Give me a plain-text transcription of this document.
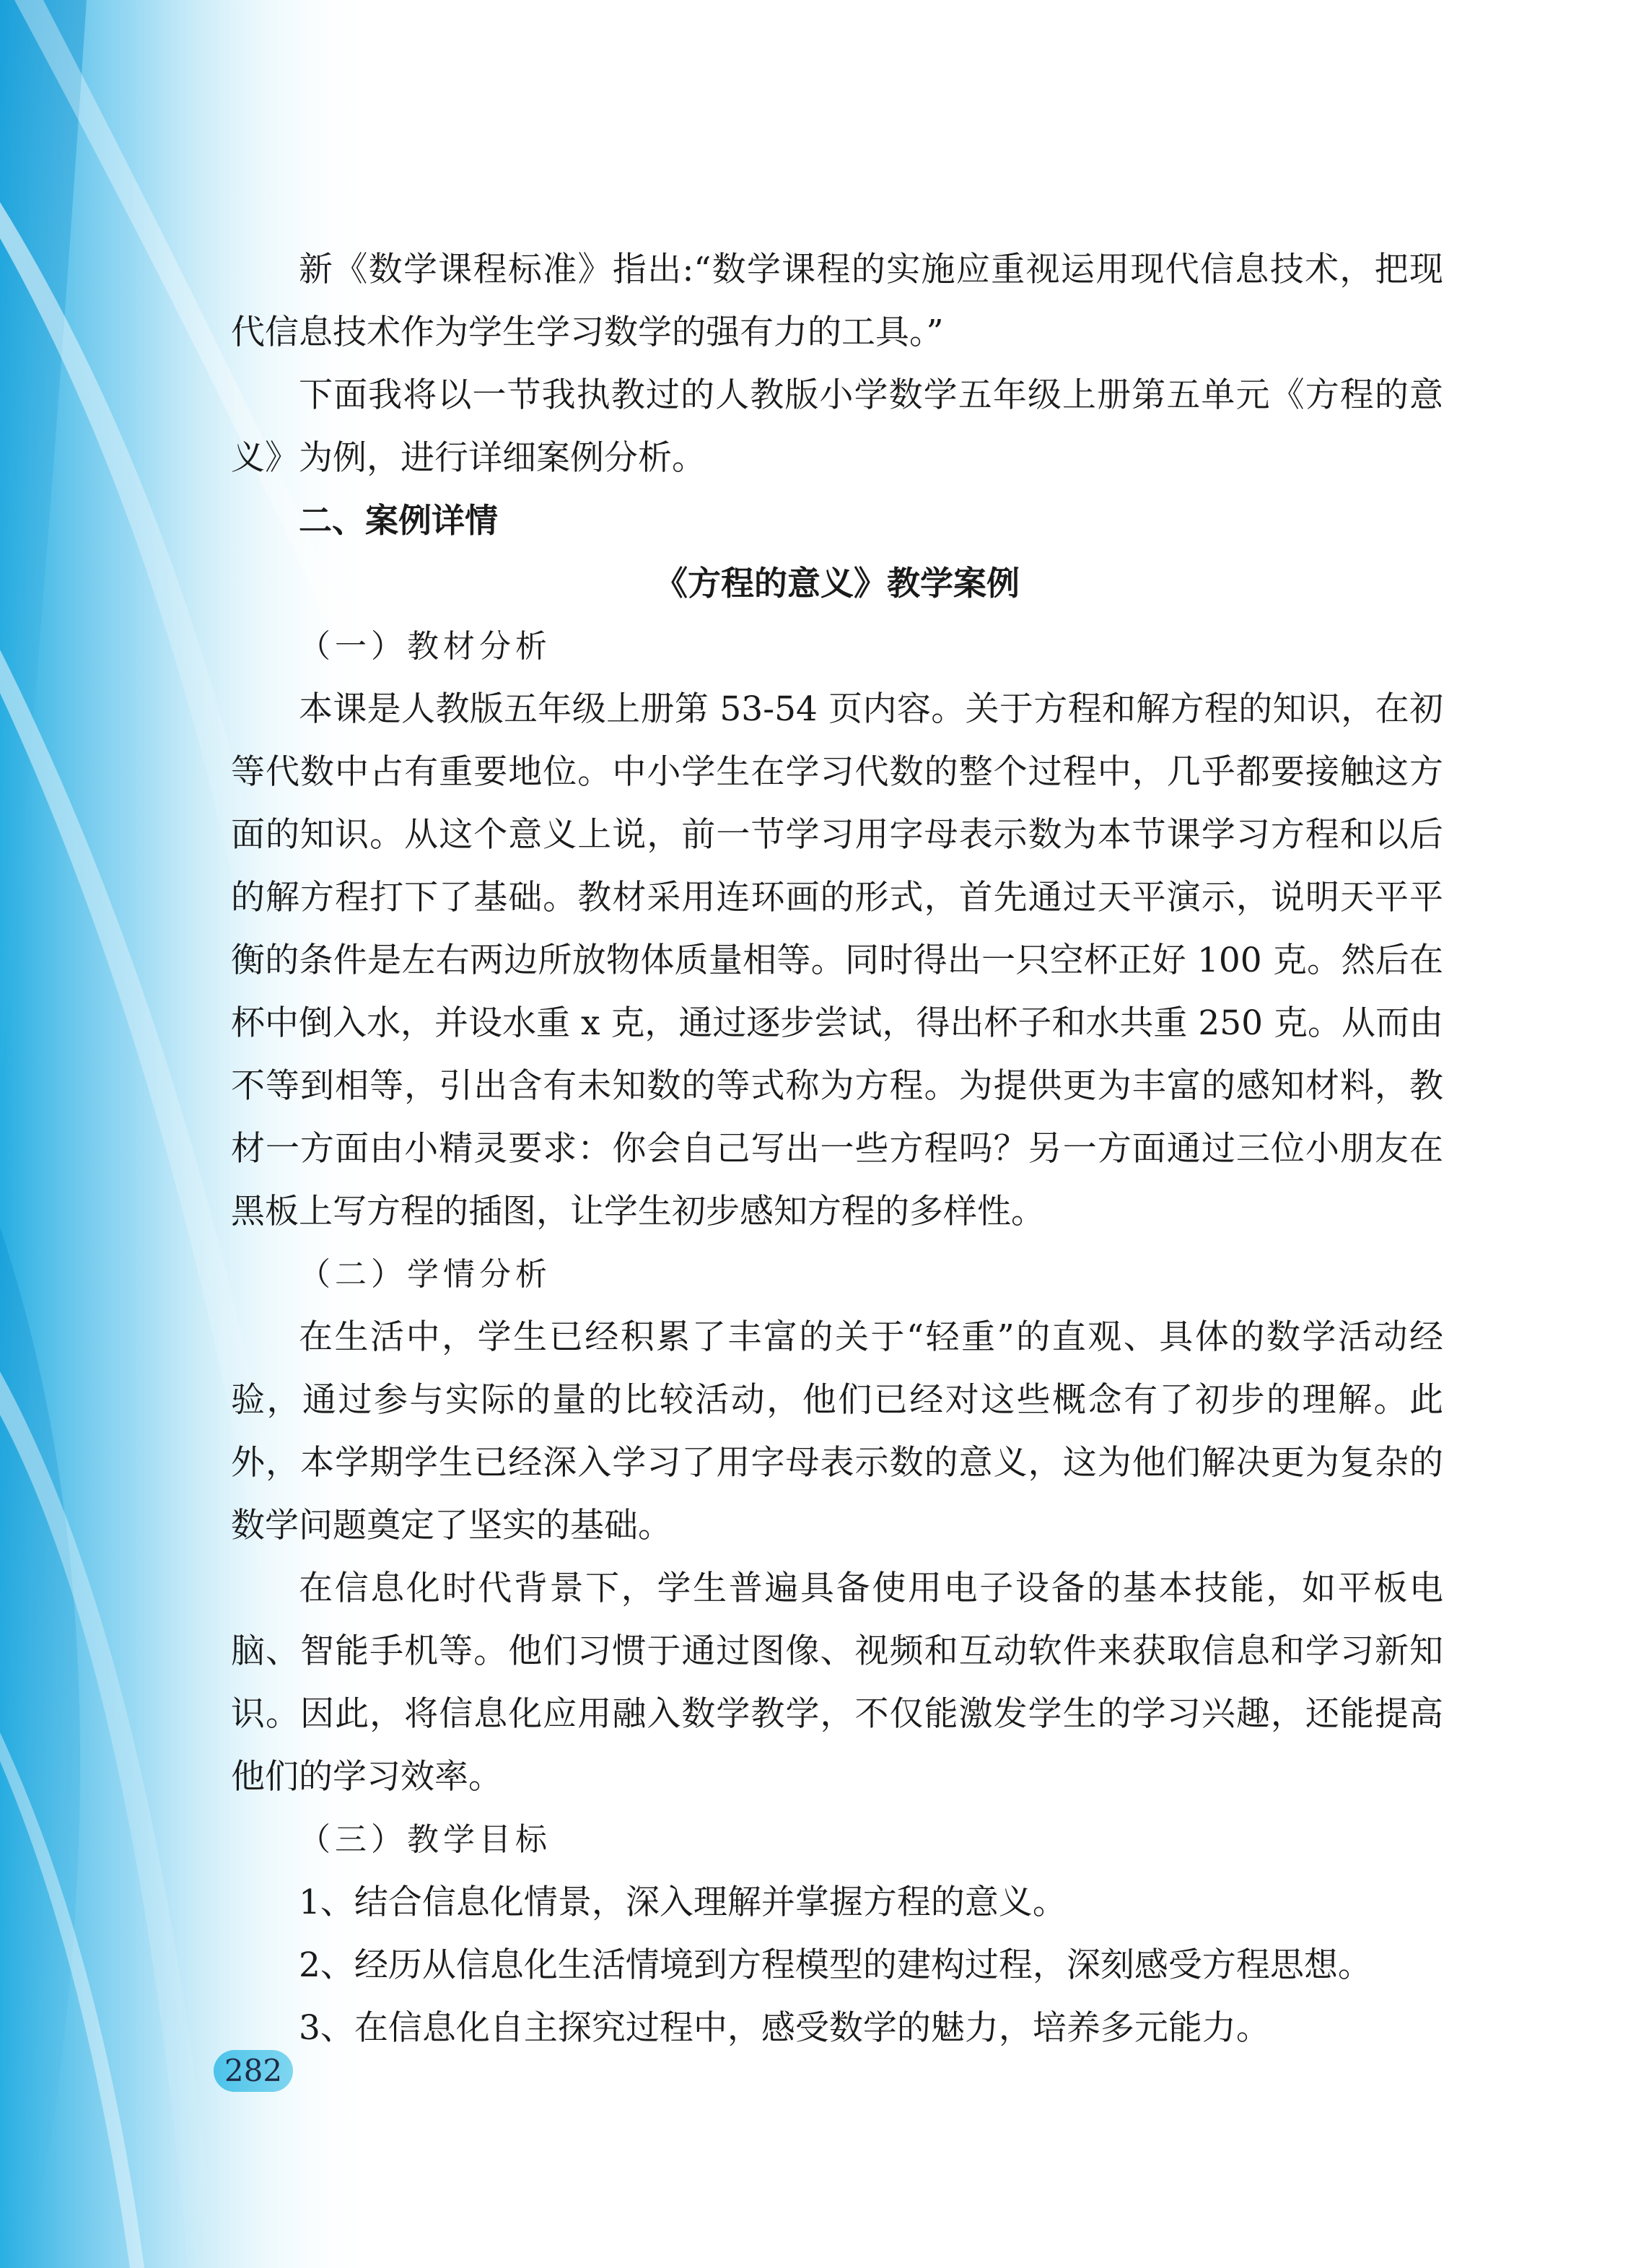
新《数学课程标准》指出:“数学课程的实施应重视运用现代信息技术，把现代信息技术作为学生学习数学的强有力的工具。”

下面我将以一节我执教过的人教版小学数学五年级上册第五单元《方程的意义》为例，进行详细案例分析。

二、案例详情

《方程的意义》教学案例

（一）教材分析

本课是人教版五年级上册第 53-54 页内容。关于方程和解方程的知识，在初等代数中占有重要地位。中小学生在学习代数的整个过程中，几乎都要接触这方面的知识。从这个意义上说，前一节学习用字母表示数为本节课学习方程和以后的解方程打下了基础。教材采用连环画的形式，首先通过天平演示，说明天平平衡的条件是左右两边所放物体质量相等。同时得出一只空杯正好 100 克。然后在杯中倒入水，并设水重 x 克，通过逐步尝试，得出杯子和水共重 250 克。从而由不等到相等，引出含有未知数的等式称为方程。为提供更为丰富的感知材料，教材一方面由小精灵要求：你会自己写出一些方程吗？另一方面通过三位小朋友在黑板上写方程的插图，让学生初步感知方程的多样性。

（二）学情分析

在生活中，学生已经积累了丰富的关于“轻重”的直观、具体的数学活动经验，通过参与实际的量的比较活动，他们已经对这些概念有了初步的理解。此外，本学期学生已经深入学习了用字母表示数的意义，这为他们解决更为复杂的数学问题奠定了坚实的基础。

在信息化时代背景下，学生普遍具备使用电子设备的基本技能，如平板电脑、智能手机等。他们习惯于通过图像、视频和互动软件来获取信息和学习新知识。因此，将信息化应用融入数学教学，不仅能激发学生的学习兴趣，还能提高他们的学习效率。

（三）教学目标

1、结合信息化情景，深入理解并掌握方程的意义。

2、经历从信息化生活情境到方程模型的建构过程，深刻感受方程思想。

3、在信息化自主探究过程中，感受数学的魅力，培养多元能力。

282
